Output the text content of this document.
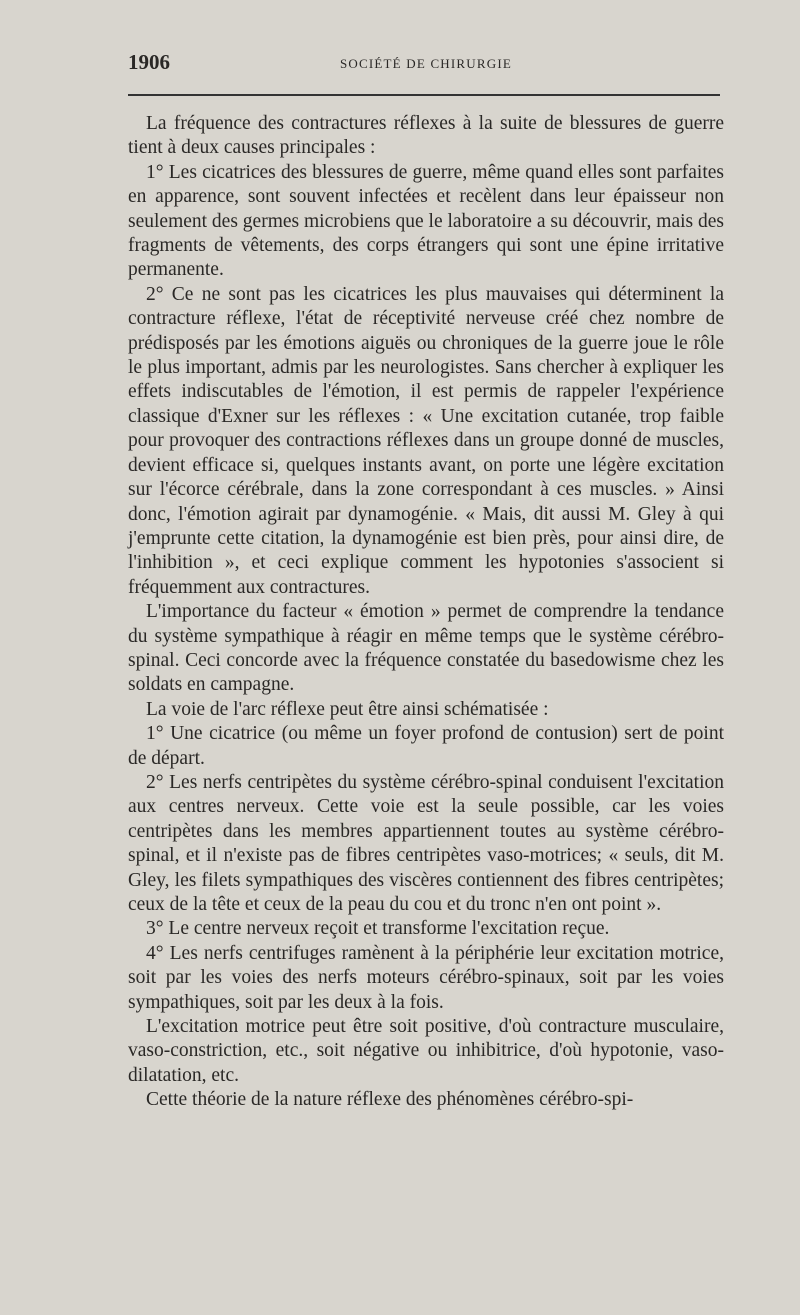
1906	SOCIÉTÉ DE CHIRURGIE

La fréquence des contractures réflexes à la suite de blessures de guerre tient à deux causes principales :

1° Les cicatrices des blessures de guerre, même quand elles sont parfaites en apparence, sont souvent infectées et recèlent dans leur épaisseur non seulement des germes microbiens que le laboratoire a su découvrir, mais des fragments de vêtements, des corps étrangers qui sont une épine irritative permanente.

2° Ce ne sont pas les cicatrices les plus mauvaises qui déterminent la contracture réflexe, l'état de réceptivité nerveuse créé chez nombre de prédisposés par les émotions aiguës ou chroniques de la guerre joue le rôle le plus important, admis par les neurologistes. Sans chercher à expliquer les effets indiscutables de l'émotion, il est permis de rappeler l'expérience classique d'Exner sur les réflexes : « Une excitation cutanée, trop faible pour provoquer des contractions réflexes dans un groupe donné de muscles, devient efficace si, quelques instants avant, on porte une légère excitation sur l'écorce cérébrale, dans la zone correspondant à ces muscles. » Ainsi donc, l'émotion agirait par dynamogénie. « Mais, dit aussi M. Gley à qui j'emprunte cette citation, la dynamogénie est bien près, pour ainsi dire, de l'inhibition », et ceci explique comment les hypotonies s'associent si fréquemment aux contractures.

L'importance du facteur « émotion » permet de comprendre la tendance du système sympathique à réagir en même temps que le système cérébro-spinal. Ceci concorde avec la fréquence constatée du basedowisme chez les soldats en campagne.

La voie de l'arc réflexe peut être ainsi schématisée :

1° Une cicatrice (ou même un foyer profond de contusion) sert de point de départ.

2° Les nerfs centripètes du système cérébro-spinal conduisent l'excitation aux centres nerveux. Cette voie est la seule possible, car les voies centripètes dans les membres appartiennent toutes au système cérébro-spinal, et il n'existe pas de fibres centripètes vaso-motrices; « seuls, dit M. Gley, les filets sympathiques des viscères contiennent des fibres centripètes; ceux de la tête et ceux de la peau du cou et du tronc n'en ont point ».

3° Le centre nerveux reçoit et transforme l'excitation reçue.

4° Les nerfs centrifuges ramènent à la périphérie leur excitation motrice, soit par les voies des nerfs moteurs cérébro-spinaux, soit par les voies sympathiques, soit par les deux à la fois.

L'excitation motrice peut être soit positive, d'où contracture musculaire, vaso-constriction, etc., soit négative ou inhibitrice, d'où hypotonie, vaso-dilatation, etc.

Cette théorie de la nature réflexe des phénomènes cérébro-spi-
